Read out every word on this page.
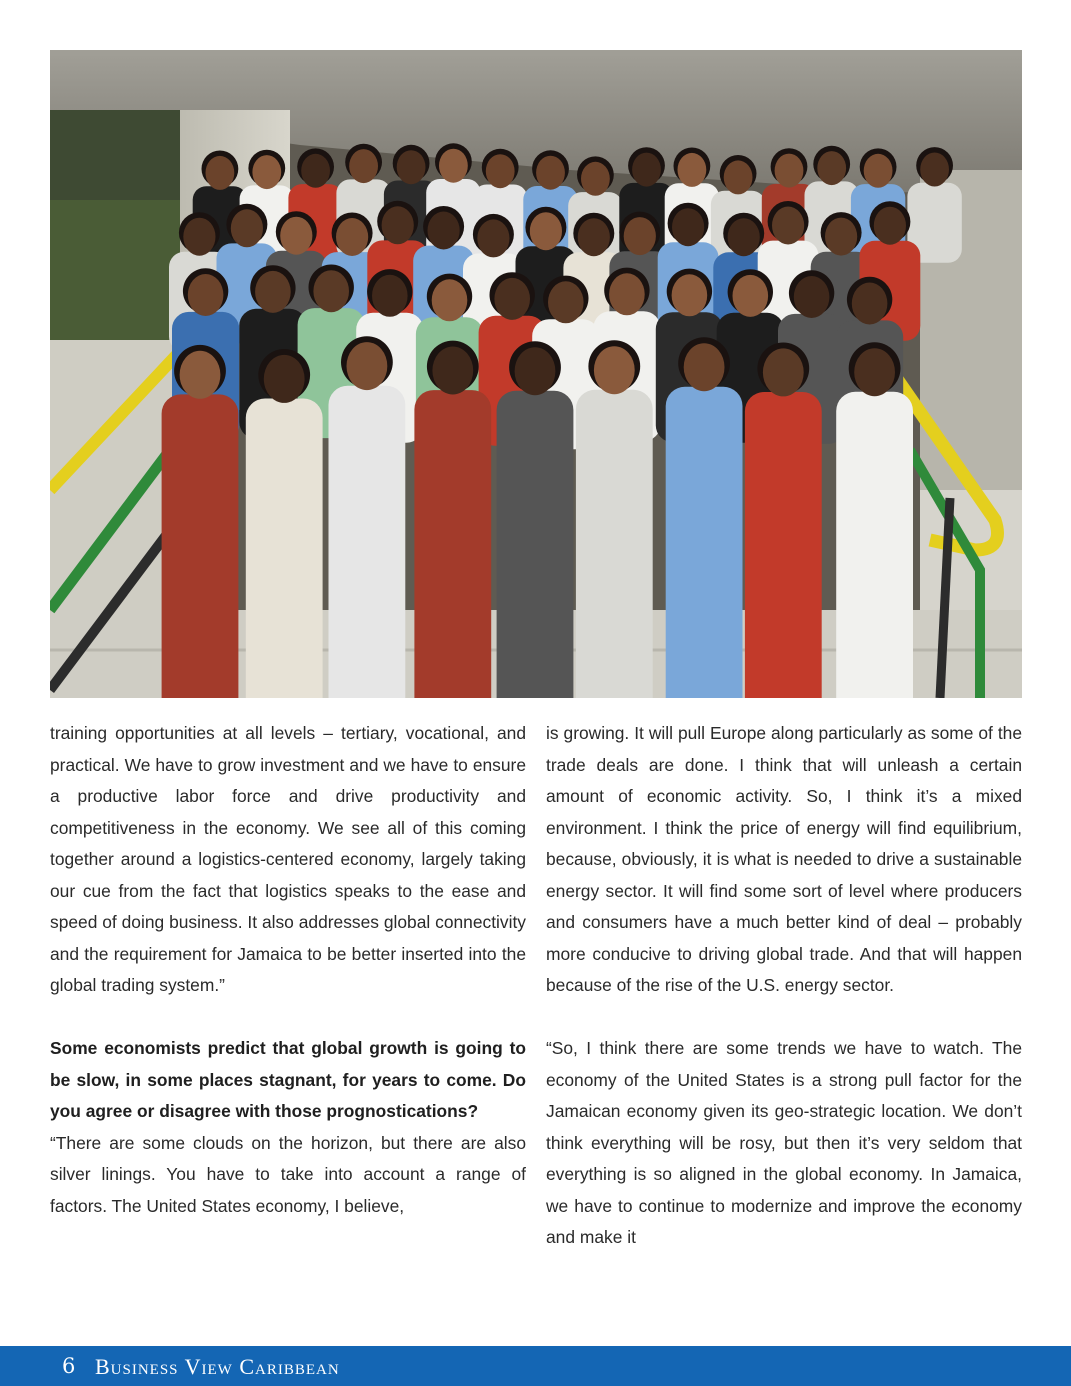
training opportunities at all levels – tertiary, vocational, and practical. We have to grow investment and we have to ensure a productive labor force and drive productivity and competitiveness in the economy. We see all of this coming together around a logistics-centered economy, largely taking our cue from the fact that logistics speaks to the ease and speed of doing business. It also addresses global connectivity and the requirement for Jamaica to be better inserted into the global trading system.”

Some economists predict that global growth is going to be slow, in some places stagnant, for years to come. Do you agree or disagree with those prognostications?

“There are some clouds on the horizon, but there are also silver linings. You have to take into account a range of factors. The United States economy, I believe,

is growing. It will pull Europe along particularly as some of the trade deals are done. I think that will unleash a certain amount of economic activity. So, I think it’s a mixed environment. I think the price of energy will find equilibrium, because, obviously, it is what is needed to drive a sustainable energy sector. It will find some sort of level where producers and consumers have a much better kind of deal – probably more conducive to driving global trade. And that will happen because of the rise of the U.S. energy sector.

“So, I think there are some trends we have to watch. The economy of the United States is a strong pull factor for the Jamaican economy given its geo-strategic location. We don’t think everything will be rosy, but then it’s very seldom that everything is so aligned in the global economy. In Jamaica, we have to continue to modernize and improve the economy and make it

6 Business View Caribbean
